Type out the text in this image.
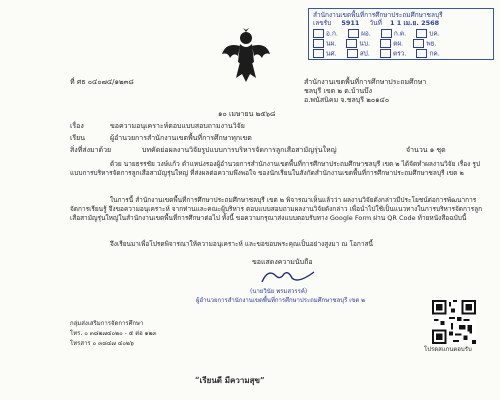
สำนักงานเขตพื้นที่การศึกษาประถมศึกษาชลบุรี
เลขรับ 5911 วันที่ 1 1 เม.ย. 2568
อ.ก.	ผอ.	ก.ต.	บค.
นผ.	นบ.	ตผ.	พย.
นศ.	สป.	ตรว.	กค.
ที่ ศธ ๐๔๐๗๔/๑๒๓๘	สำนักงานเขตพื้นที่การศึกษาประถมศึกษา
ชลบุรี เขต ๒ ต.บ้านบึง
อ.พนัสนิคม จ.ชลบุรี ๒๐๑๔๐
๑๐ เมษายน ๒๕๖๘
เรื่อง	ขอความอนุเคราะห์ตอบแบบสอบถามงานวิจัย
เรียน	ผู้อำนวยการสำนักงานเขตพื้นที่การศึกษาทุกเขต
สิ่งที่ส่งมาด้วย	บทคัดย่อผลงานวิจัยรูปแบบการบริหารจัดการลูกเสือสามัญรุ่นใหญ่	จำนวน ๑ ชุด
ด้วย นายธรรชัย วงษ์แก้ว ตำแหน่งรองผู้อำนวยการสำนักงานเขตพื้นที่การศึกษาประถมศึกษาชลบุรี เขต ๒ ได้จัดทำผลงานวิจัย เรื่อง รูปแบบการบริหารจัดการลูกเสือสามัญรุ่นใหญ่ ที่ส่งผลต่อความพึงพอใจ ของนักเรียนในสังกัดสำนักงานเขตพื้นที่การศึกษาประถมศึกษาชลบุรี เขต ๒
ในการนี้ สำนักงานเขตพื้นที่การศึกษาประถมศึกษาชลบุรี เขต ๒ พิจารณาเห็นแล้วว่า ผลงานวิจัยดังกล่าวมีประโยชน์ต่อการพัฒนาการจัดการเรียนรู้ จึงขอความอนุเคราะห์ จากท่านและคณะผู้บริหาร ตอบแบบสอบถามผลงานวิจัยดังกล่าว เพื่อนำไปใช้เป็นแนวทางในการบริหารจัดการลูกเสือสามัญรุ่นใหญ่ในสำนักงานเขตพื้นที่การศึกษาต่อไป ทั้งนี้ ขอความกรุณาส่งแบบตอบรับทาง Google Form ผ่าน QR Code ท้ายหนังสือฉบับนี้
จึงเรียนมาเพื่อโปรดพิจารณาให้ความอนุเคราะห์ และขอขอบพระคุณเป็นอย่างสูงมา ณ โอกาสนี้
ขอแสดงความนับถือ
(นายวินัย พรมสวรรค์)
ผู้อำนวยการสำนักงานเขตพื้นที่การศึกษาประถมศึกษาชลบุรี เขต ๒
กลุ่มส่งเสริมการจัดการศึกษา
โทร. ๐ ๓๘๒๗๔๐๒๐ - ๕ ต่อ ๑๒๓
โทรสาร ๐ ๓๘๔๗ ๔๐๒๖
โปรดสแกนตอบรับ
“เรียนดี มีความสุข”
